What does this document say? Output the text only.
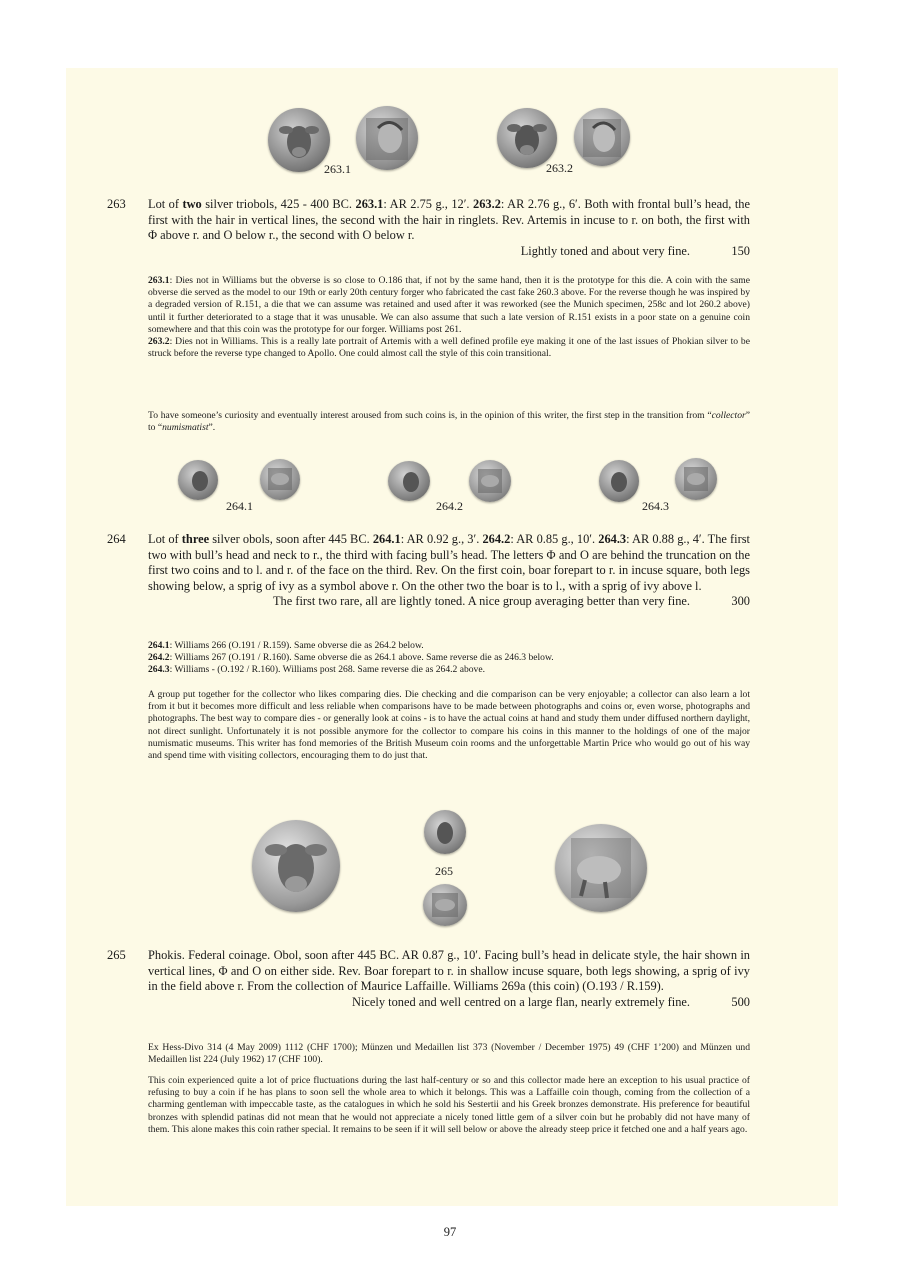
263.1	263.2
263 Lot of two silver triobols, 425 - 400 BC. 263.1: AR 2.75 g., 12′. 263.2: AR 2.76 g., 6′. Both with frontal bull’s head, the first with the hair in vertical lines, the second with the hair in ringlets. Rev. Artemis in incuse to r. on both, the first with Φ above r. and O below r., the second with O below r.
Lightly toned and about very fine.	150
263.1: Dies not in Williams but the obverse is so close to O.186 that, if not by the same hand, then it is the prototype for this die. A coin with the same obverse die served as the model to our 19th or early 20th century forger who fabricated the cast fake 260.3 above. For the reverse though he was inspired by a degraded version of R.151, a die that we can assume was retained and used after it was reworked (see the Munich specimen, 258c and lot 260.2 above) until it further deteriorated to a stage that it was unusable. We can also assume that such a late version of R.151 exists in a poor state on a genuine coin somewhere and that this coin was the prototype for our forger. Williams post 261.
263.2: Dies not in Williams. This is a really late portrait of Artemis with a well defined profile eye making it one of the last issues of Phokian silver to be struck before the reverse type changed to Apollo. One could almost call the style of this coin transitional.
To have someone’s curiosity and eventually interest aroused from such coins is, in the opinion of this writer, the first step in the transition from “collector” to “numismatist”.
264.1	264.2	264.3
264 Lot of three silver obols, soon after 445 BC. 264.1: AR 0.92 g., 3′. 264.2: AR 0.85 g., 10′. 264.3: AR 0.88 g., 4′. The first two with bull’s head and neck to r., the third with facing bull’s head. The letters Φ and O are behind the truncation on the first two coins and to l. and r. of the face on the third. Rev. On the first coin, boar forepart to r. in incuse square, both legs showing below, a sprig of ivy as a symbol above r. On the other two the boar is to l., with a sprig of ivy above l.
The first two rare, all are lightly toned. A nice group averaging better than very fine.	300
264.1: Williams 266 (O.191 / R.159). Same obverse die as 264.2 below.
264.2: Williams 267 (O.191 / R.160). Same obverse die as 264.1 above. Same reverse die as 246.3 below.
264.3: Williams - (O.192 / R.160). Williams post 268. Same reverse die as 264.2 above.
A group put together for the collector who likes comparing dies. Die checking and die comparison can be very enjoyable; a collector can also learn a lot from it but it becomes more difficult and less reliable when comparisons have to be made between photographs and coins or, even worse, photographs and photographs. The best way to compare dies - or generally look at coins - is to have the actual coins at hand and study them under diffused northern daylight, not direct sunlight. Unfortunately it is not possible anymore for the collector to compare his coins in this manner to the holdings of one of the major numismatic museums. This writer has fond memories of the British Museum coin rooms and the unforgettable Martin Price who would go out of his way and spend time with visiting collectors, encouraging them to do just that.
265
265 Phokis. Federal coinage. Obol, soon after 445 BC. AR 0.87 g., 10′. Facing bull’s head in delicate style, the hair shown in vertical lines, Φ and O on either side. Rev. Boar forepart to r. in shallow incuse square, both legs showing, a sprig of ivy in the field above r. From the collection of Maurice Laffaille. Williams 269a (this coin) (O.193 / R.159).
Nicely toned and well centred on a large flan, nearly extremely fine.	500
Ex Hess-Divo 314 (4 May 2009) 1112 (CHF 1700); Münzen und Medaillen list 373 (November / December 1975) 49 (CHF 1’200) and Münzen und Medaillen list 224 (July 1962) 17 (CHF 100).
This coin experienced quite a lot of price fluctuations during the last half-century or so and this collector made here an exception to his usual practice of refusing to buy a coin if he has plans to soon sell the whole area to which it belongs. This was a Laffaille coin though, coming from the collection of a charming gentleman with impeccable taste, as the catalogues in which he sold his Sestertii and his Greek bronzes demonstrate. His preference for beautiful bronzes with splendid patinas did not mean that he would not appreciate a nicely toned little gem of a silver coin but he probably did not have many of them. This alone makes this coin rather special. It remains to be seen if it will sell below or above the already steep price it fetched one and a half years ago.
97
